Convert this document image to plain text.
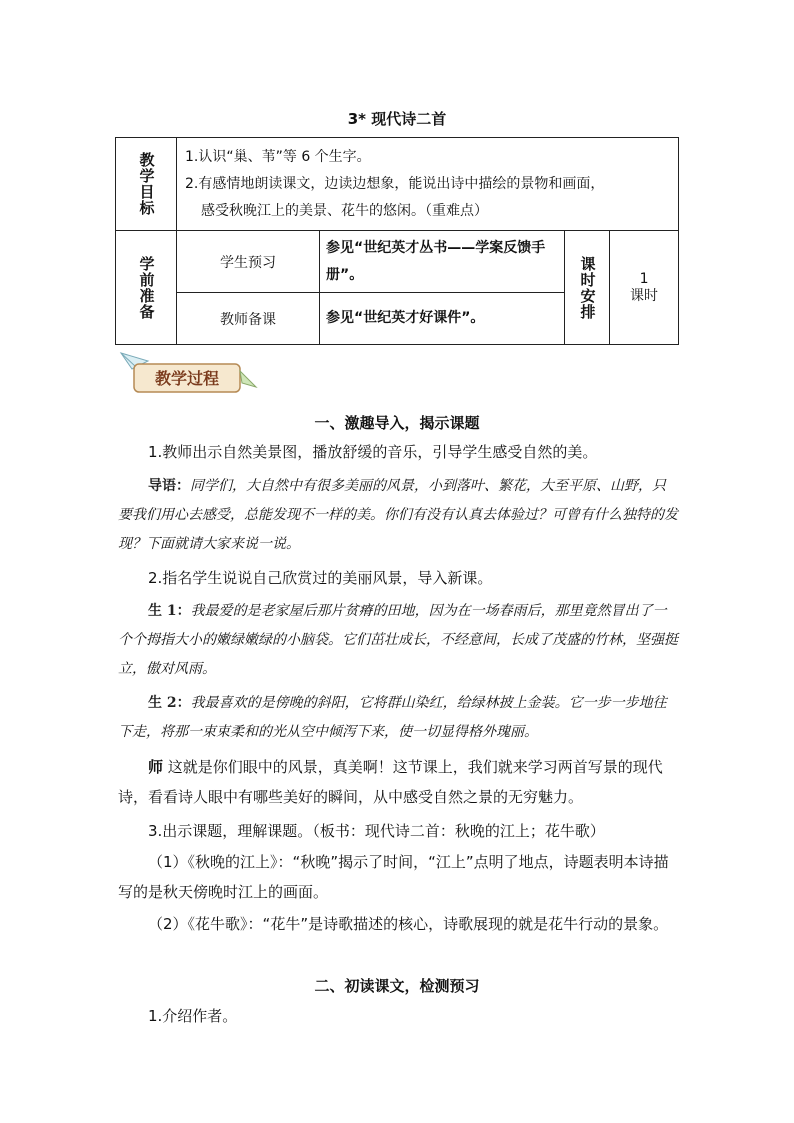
3* 现代诗二首
教学目标	1.认识“巢、苇”等 6 个生字。
2.有感情地朗读课文，边读边想象，能说出诗中描绘的景物和画面，
感受秋晚江上的美景、花牛的悠闲。（重难点）			

学前准备	学生预习	参见“世纪英才丛书——学案反馈手册”。	课时安排	1
课时

	教师备课	参见“世纪英才好课件”。		
教学过程
一、激趣导入，揭示课题
1.教师出示自然美景图，播放舒缓的音乐，引导学生感受自然的美。
导语：同学们，大自然中有很多美丽的风景，小到落叶、繁花，大至平原、山野，只要我们用心去感受，总能发现不一样的美。你们有没有认真去体验过？可曾有什么独特的发现？下面就请大家来说一说。
2.指名学生说说自己欣赏过的美丽风景，导入新课。
生 1：我最爱的是老家屋后那片贫瘠的田地，因为在一场春雨后，那里竟然冒出了一个个拇指大小的嫩绿嫩绿的小脑袋。它们茁壮成长，不经意间，长成了茂盛的竹林，坚强挺立，傲对风雨。
生 2：我最喜欢的是傍晚的斜阳，它将群山染红，给绿林披上金装。它一步一步地往下走，将那一束束柔和的光从空中倾泻下来，使一切显得格外瑰丽。
师 这就是你们眼中的风景，真美啊！这节课上，我们就来学习两首写景的现代诗，看看诗人眼中有哪些美好的瞬间，从中感受自然之景的无穷魅力。
3.出示课题，理解课题。（板书：现代诗二首：秋晚的江上；花牛歌）
（1）《秋晚的江上》：“秋晚”揭示了时间，“江上”点明了地点，诗题表明本诗描写的是秋天傍晚时江上的画面。
（2）《花牛歌》：“花牛”是诗歌描述的核心，诗歌展现的就是花牛行动的景象。
二、初读课文，检测预习
1.介绍作者。
